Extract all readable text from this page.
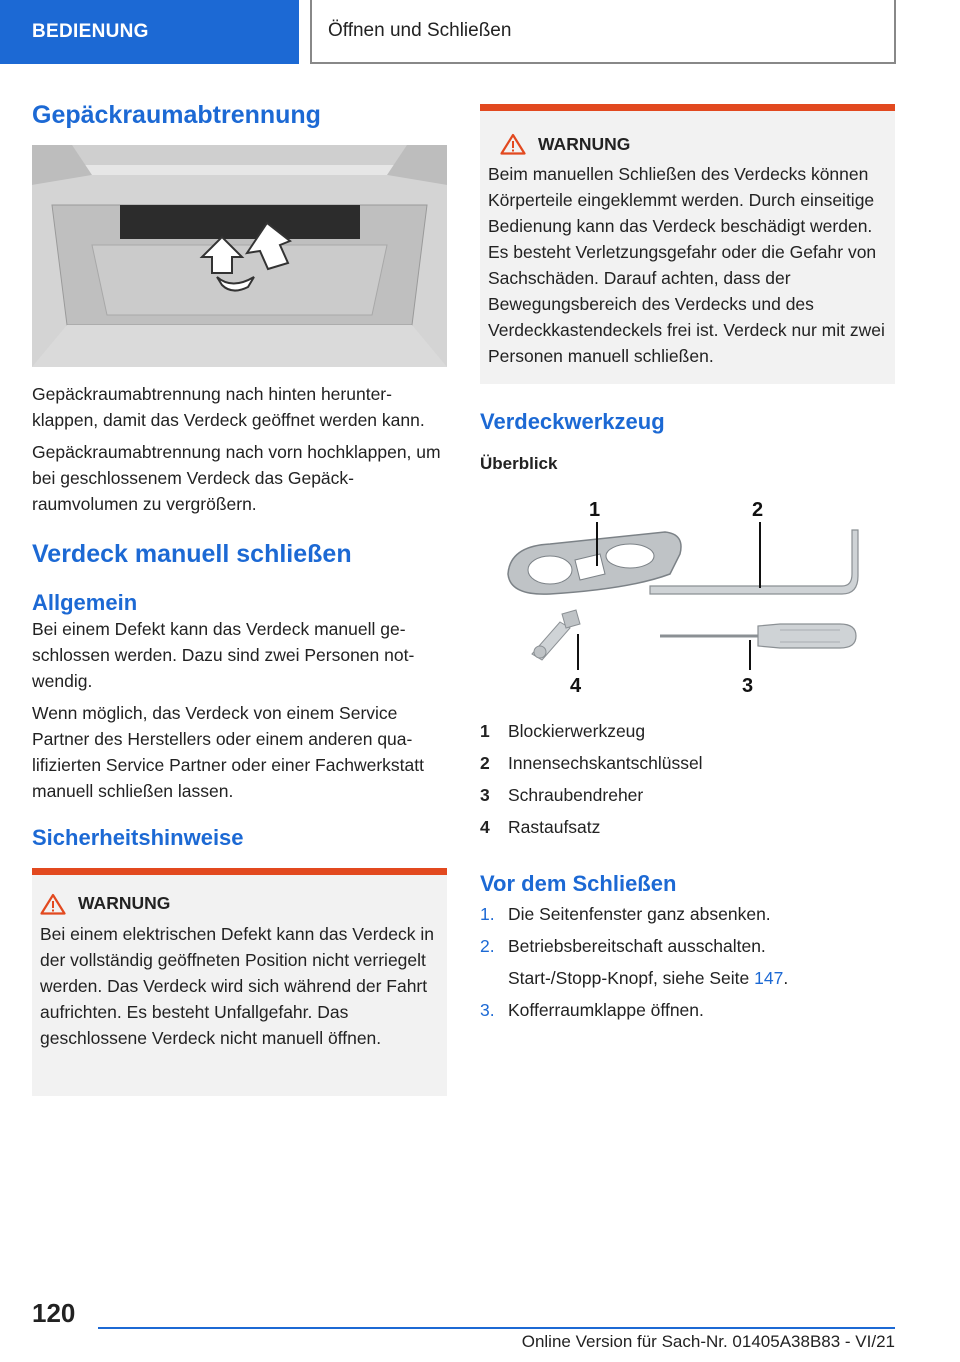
BEDIENUNG	Öffnen und Schließen
Gepäckraumabtrennung

Gepäckraumabtrennung nach hinten herunterklappen, damit das Verdeck geöffnet werden kann.

Gepäckraumabtrennung nach vorn hochklappen, um bei geschlossenem Verdeck das Gepäckraumvolumen zu vergrößern.

Verdeck manuell schließen
Allgemein

Bei einem Defekt kann das Verdeck manuell geschlossen werden. Dazu sind zwei Personen notwendig.

Wenn möglich, das Verdeck von einem Service Partner des Herstellers oder einem anderen qualifizierten Service Partner oder einer Fachwerkstatt manuell schließen lassen.

Sicherheitshinweise
WARNUNG

Bei einem elektrischen Defekt kann das Verdeck in der vollständig geöffneten Position nicht verriegelt werden. Das Verdeck wird sich während der Fahrt aufrichten. Es besteht Unfallgefahr. Das geschlossene Verdeck nicht manuell öffnen.

WARNUNG

Beim manuellen Schließen des Verdecks können Körperteile eingeklemmt werden. Durch einseitige Bedienung kann das Verdeck beschädigt werden. Es besteht Verletzungsgefahr oder die Gefahr von Sachschäden. Darauf achten, dass der Bewegungsbereich des Verdecks und des Verdeckkastendeckels frei ist. Verdeck nur mit zwei Personen manuell schließen.

Verdeckwerkzeug
Überblick
1	2
3
4
1	Blockierwerkzeug
2	Innensechskantschlüssel
3	Schraubendreher
4	Rastaufsatz
Vor dem Schließen
1. Die Seitenfenster ganz absenken.
2. Betriebsbereitschaft ausschalten.
Start-/Stopp-Knopf, siehe Seite 147.
3. Kofferraumklappe öffnen.
120
Online Version für Sach-Nr. 01405A38B83 - VI/21
